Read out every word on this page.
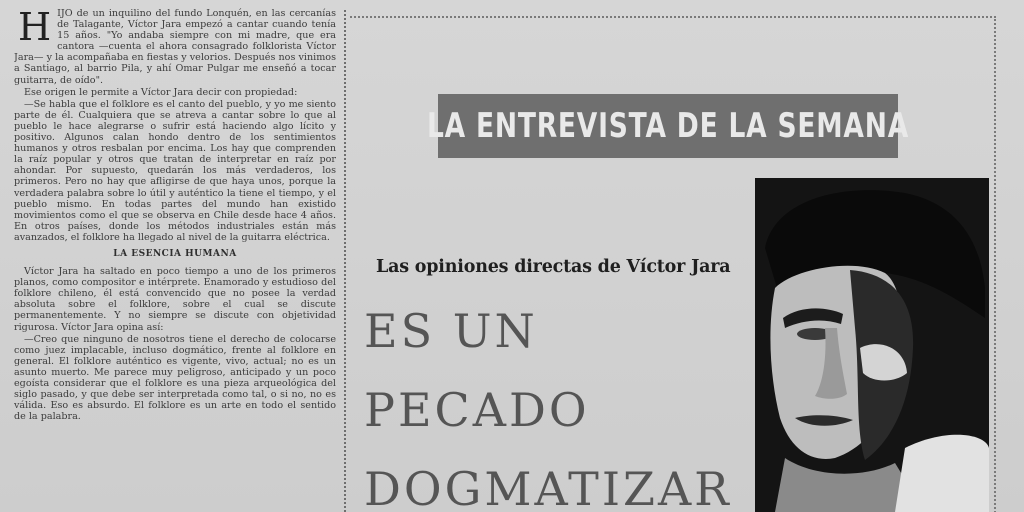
H IJO de un inquilino del fundo Lonquén, en las cercanías de Talagante, Víctor Jara empezó a cantar cuando tenía 15 años. "Yo andaba siempre con mi madre, que era cantora —cuenta el ahora consagrado folklorista Víctor Jara— y la acompañaba en fiestas y velorios. Después nos vinimos a Santiago, al barrio Pila, y ahí Omar Pulgar me enseñó a tocar guitarra, de oído".

Ese origen le permite a Víctor Jara decir con propiedad:

—Se habla que el folklore es el canto del pueblo, y yo me siento parte de él. Cualquiera que se atreva a cantar sobre lo que al pueblo le hace alegrarse o sufrir está haciendo algo lícito y positivo. Algunos calan hondo dentro de los sentimientos humanos y otros resbalan por encima. Los hay que comprenden la raíz popular y otros que tratan de interpretar en raíz por ahondar. Por supuesto, quedarán los más verdaderos, los primeros. Pero no hay que afligirse de que haya unos, porque la verdadera palabra sobre lo útil y auténtico la tiene el tiempo, y el pueblo mismo. En todas partes del mundo han existido movimientos como el que se observa en Chile desde hace 4 años. En otros países, donde los métodos industriales están más avanzados, el folklore ha llegado al nivel de la guitarra eléctrica.

LA ESENCIA HUMANA

Víctor Jara ha saltado en poco tiempo a uno de los primeros planos, como compositor e intérprete. Enamorado y estudioso del folklore chileno, él está convencido que no posee la verdad absoluta sobre el folklore, sobre el cual se discute permanentemente. Y no siempre se discute con objetividad rigurosa. Víctor Jara opina así:

—Creo que ninguno de nosotros tiene el derecho de colocarse como juez implacable, incluso dogmático, frente al folklore en general. El folklore auténtico es vigente, vivo, actual; no es un asunto muerto. Me parece muy peligroso, anticipado y un poco egoísta considerar que el folklore es una pieza arqueológica del siglo pasado, y que debe ser interpretada como tal, o si no, no es válida. Eso es absurdo. El folklore es un arte en todo el sentido de la palabra.

LA ENTREVISTA DE LA SEMANA
Las opiniones directas de Víctor Jara
ES UN
PECADO
DOGMATIZAR
